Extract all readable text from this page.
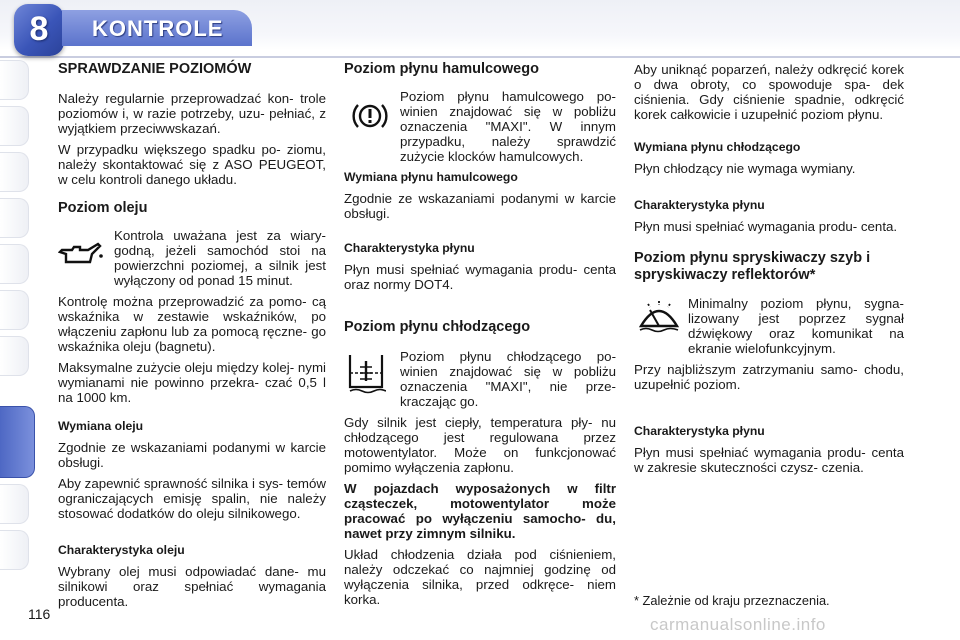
8	KONTROLE
SPRAWDZANIE POZIOMÓW

Należy regularnie przeprowadzać kon- trole poziomów i, w razie potrzeby, uzu- pełniać, z wyjątkiem przeciwwskazań.

W przypadku większego spadku po- ziomu, należy skontaktować się z ASO PEUGEOT, w celu kontroli danego układu.

Poziom oleju

Kontrola uważana jest za wiary- godną, jeżeli samochód stoi na powierzchni poziomej, a silnik jest wyłączony od ponad 15 minut.

Kontrolę można przeprowadzić za pomo- cą wskaźnika w zestawie wskaźników, po włączeniu zapłonu lub za pomocą ręczne- go wskaźnika oleju (bagnetu).

Maksymalne zużycie oleju między kolej- nymi wymianami nie powinno przekra- czać 0,5 l na 1000 km.

Wymiana oleju

Zgodnie ze wskazaniami podanymi w karcie obsługi.

Aby zapewnić sprawność silnika i sys- temów ograniczających emisję spalin, nie należy stosować dodatków do oleju silnikowego.

Charakterystyka oleju

Wybrany olej musi odpowiadać dane- mu silnikowi oraz spełniać wymagania producenta.

Poziom płynu hamulcowego

Poziom płynu hamulcowego po- winien znajdować się w pobliżu oznaczenia "MAXI". W innym przypadku, należy sprawdzić zużycie klocków hamulcowych.

Wymiana płynu hamulcowego

Zgodnie ze wskazaniami podanymi w karcie obsługi.

Charakterystyka płynu

Płyn musi spełniać wymagania produ- centa oraz normy DOT4.

Poziom płynu chłodzącego

Poziom płynu chłodzącego po- winien znajdować się w pobliżu oznaczenia "MAXI", nie prze- kraczając go.

Gdy silnik jest ciepły, temperatura pły- nu chłodzącego jest regulowana przez motowentylator. Może on funkcjonować pomimo wyłączenia zapłonu.

W pojazdach wyposażonych w filtr cząsteczek, motowentylator może pracować po wyłączeniu samocho- du, nawet przy zimnym silniku.

Układ chłodzenia działa pod ciśnieniem, należy odczekać co najmniej godzinę od wyłączenia silnika, przed odkręce- niem korka.

Aby uniknąć poparzeń, należy odkręcić korek o dwa obroty, co spowoduje spa- dek ciśnienia. Gdy ciśnienie spadnie, odkręcić korek całkowicie i uzupełnić poziom płynu.

Wymiana płynu chłodzącego

Płyn chłodzący nie wymaga wymiany.

Charakterystyka płynu

Płyn musi spełniać wymagania produ- centa.

Poziom płynu spryskiwaczy szyb i spryskiwaczy reflektorów*

Minimalny poziom płynu, sygna- lizowany jest poprzez sygnał dźwiękowy oraz komunikat na ekranie wielofunkcyjnym.

Przy najbliższym zatrzymaniu samo- chodu, uzupełnić poziom.

Charakterystyka płynu

Płyn musi spełniać wymagania produ- centa w zakresie skuteczności czysz- czenia.

* Zależnie od kraju przeznaczenia.
116
carmanualsonline.info
